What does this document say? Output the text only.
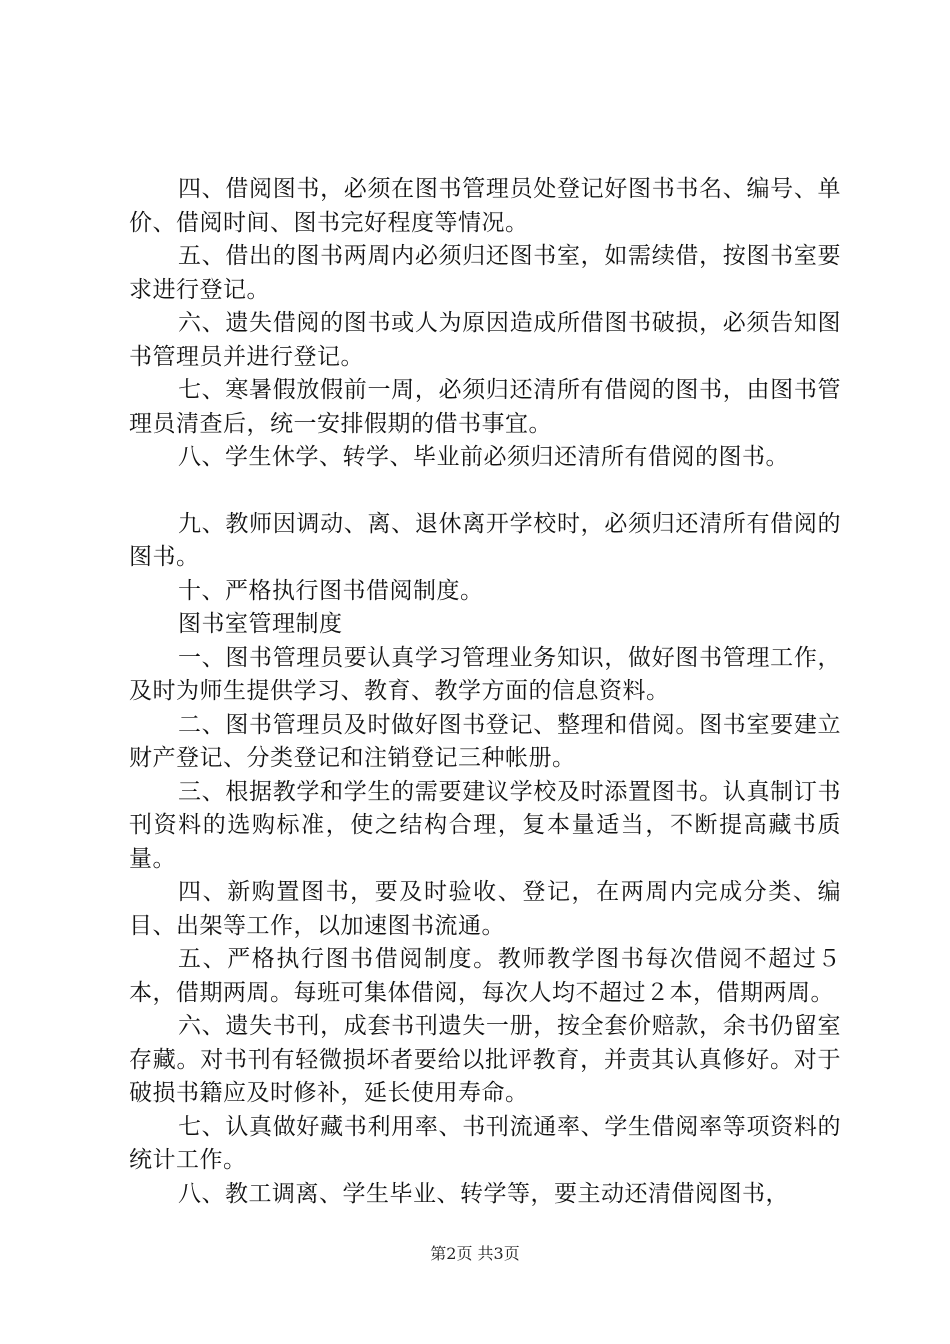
四、借阅图书，必须在图书管理员处登记好图书书名、编号、单价、借阅时间、图书完好程度等情况。

五、借出的图书两周内必须归还图书室，如需续借，按图书室要求进行登记。

六、遗失借阅的图书或人为原因造成所借图书破损，必须告知图书管理员并进行登记。

七、寒暑假放假前一周，必须归还清所有借阅的图书，由图书管理员清查后，统一安排假期的借书事宜。

八、学生休学、转学、毕业前必须归还清所有借阅的图书。

九、教师因调动、离、退休离开学校时，必须归还清所有借阅的图书。

十、严格执行图书借阅制度。

图书室管理制度

一、图书管理员要认真学习管理业务知识，做好图书管理工作，及时为师生提供学习、教育、教学方面的信息资料。

二、图书管理员及时做好图书登记、整理和借阅。图书室要建立财产登记、分类登记和注销登记三种帐册。

三、根据教学和学生的需要建议学校及时添置图书。认真制订书刊资料的选购标准，使之结构合理，复本量适当，不断提高藏书质量。

四、新购置图书，要及时验收、登记，在两周内完成分类、编目、出架等工作，以加速图书流通。

五、严格执行图书借阅制度。教师教学图书每次借阅不超过５本，借期两周。每班可集体借阅，每次人均不超过２本，借期两周。

六、遗失书刊，成套书刊遗失一册，按全套价赔款，余书仍留室存藏。对书刊有轻微损坏者要给以批评教育，并责其认真修好。对于破损书籍应及时修补，延长使用寿命。

七、认真做好藏书利用率、书刊流通率、学生借阅率等项资料的统计工作。

八、教工调离、学生毕业、转学等，要主动还清借阅图书，

第2页 共3页
